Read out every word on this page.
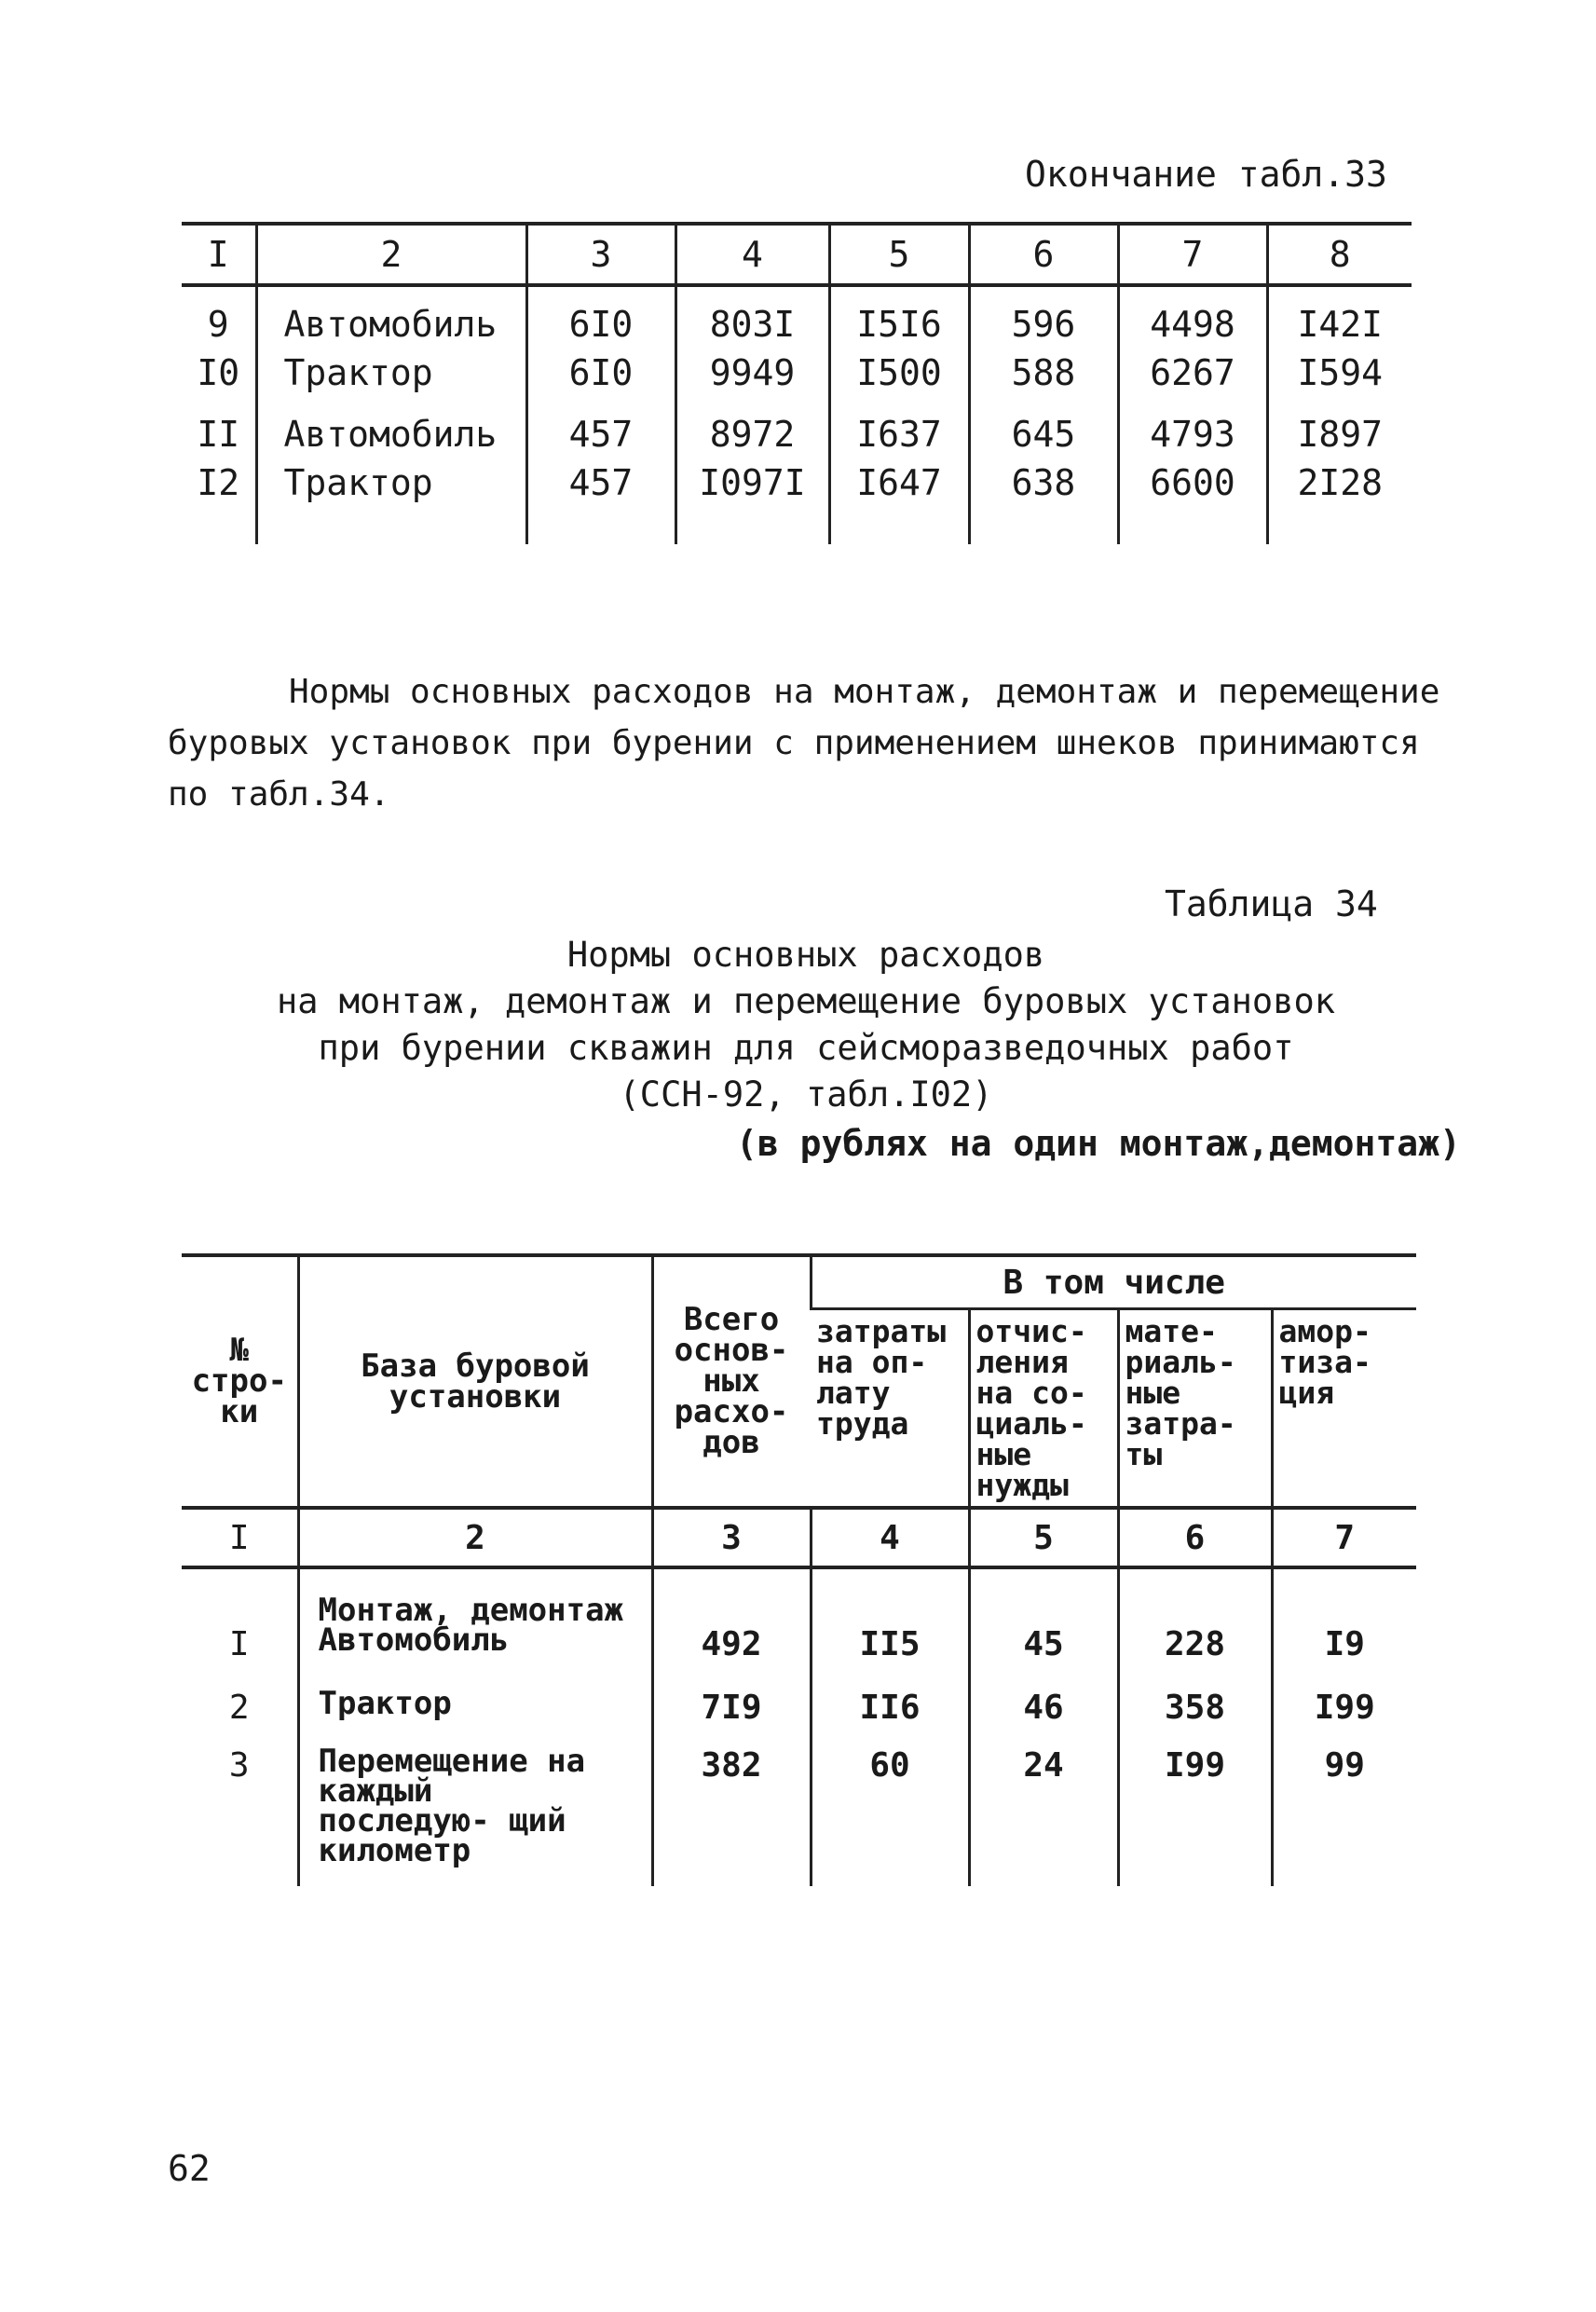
Окончание табл.33
I	2	3	4	5	6	7	8

9	Автомобиль	6I0	803I	I5I6	596	4498	I42I
I0	Трактор	6I0	9949	I500	588	6267	I594

II	Автомобиль	457	8972	I637	645	4793	I897
I2	Трактор	457	I097I	I647	638	6600	2I28

Нормы основных расходов на монтаж, демонтаж и перемещение
буровых установок при бурении с применением шнеков принимаются
по табл.34.
Таблица 34
Нормы основных расходов
на монтаж, демонтаж и перемещение буровых установок
при бурении скважин для сейсморазведочных работ
(ССН-92, табл.I02)
(в рублях на один монтаж,демонтаж)
№ стро- ки	База буровой установки	Всего основ- ных расхо- дов	В том числе			
			затраты на оп- лату труда	отчис- ления на со- циаль- ные нужды	мате- риаль- ные затра- ты	амор- тиза- ция
I	2	3	4	5	6	7
	Монтаж, демонтаж					
I	Автомобиль	492	II5	45	228	I9
2	Трактор	7I9	II6	46	358	I99
3	Перемещение на каждый последую- щий километр	382	60	24	I99	99
62
